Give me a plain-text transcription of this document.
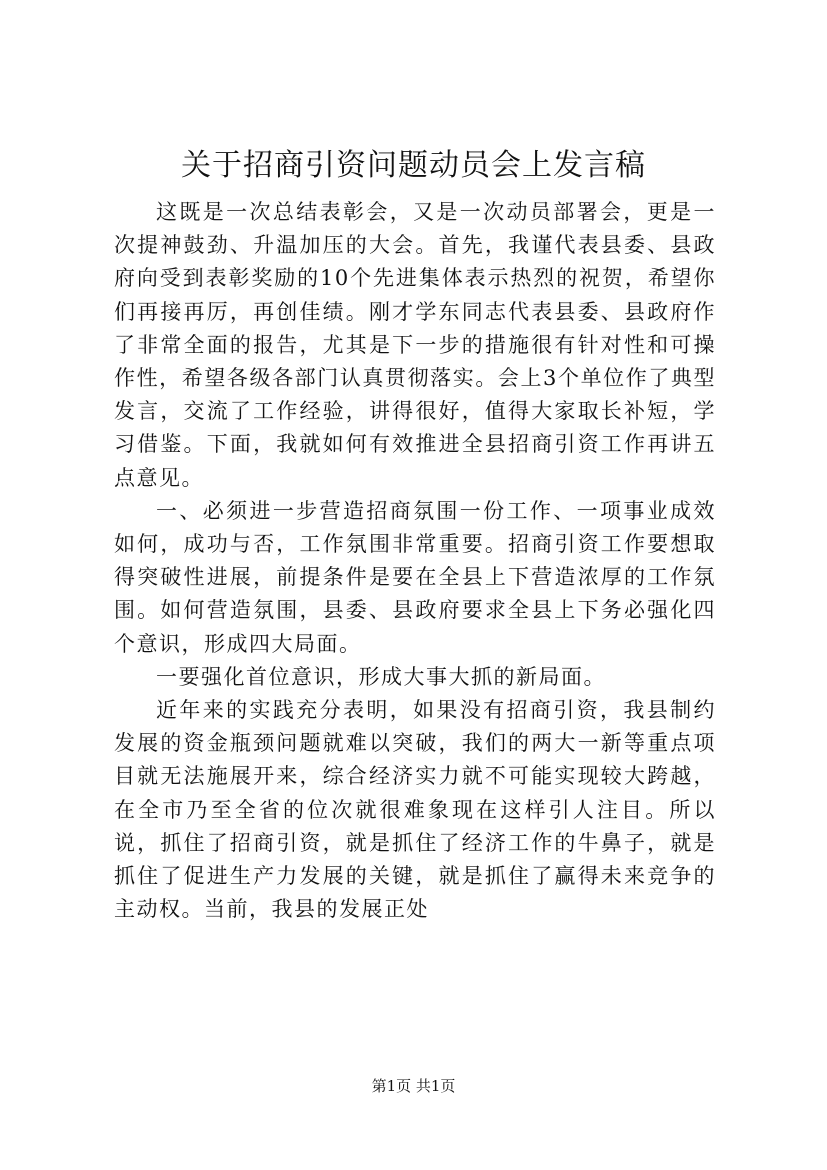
关于招商引资问题动员会上发言稿

这既是一次总结表彰会，又是一次动员部署会，更是一次提神鼓劲、升温加压的大会。首先，我谨代表县委、县政府向受到表彰奖励的10个先进集体表示热烈的祝贺，希望你们再接再厉，再创佳绩。刚才学东同志代表县委、县政府作了非常全面的报告，尤其是下一步的措施很有针对性和可操作性，希望各级各部门认真贯彻落实。会上3个单位作了典型发言，交流了工作经验，讲得很好，值得大家取长补短，学习借鉴。下面，我就如何有效推进全县招商引资工作再讲五点意见。

一、必须进一步营造招商氛围一份工作、一项事业成效如何，成功与否，工作氛围非常重要。招商引资工作要想取得突破性进展，前提条件是要在全县上下营造浓厚的工作氛围。如何营造氛围，县委、县政府要求全县上下务必强化四个意识，形成四大局面。

一要强化首位意识，形成大事大抓的新局面。

近年来的实践充分表明，如果没有招商引资，我县制约发展的资金瓶颈问题就难以突破，我们的两大一新等重点项目就无法施展开来，综合经济实力就不可能实现较大跨越，在全市乃至全省的位次就很难象现在这样引人注目。所以说，抓住了招商引资，就是抓住了经济工作的牛鼻子，就是抓住了促进生产力发展的关键，就是抓住了赢得未来竞争的主动权。当前，我县的发展正处

第1页 共1页
